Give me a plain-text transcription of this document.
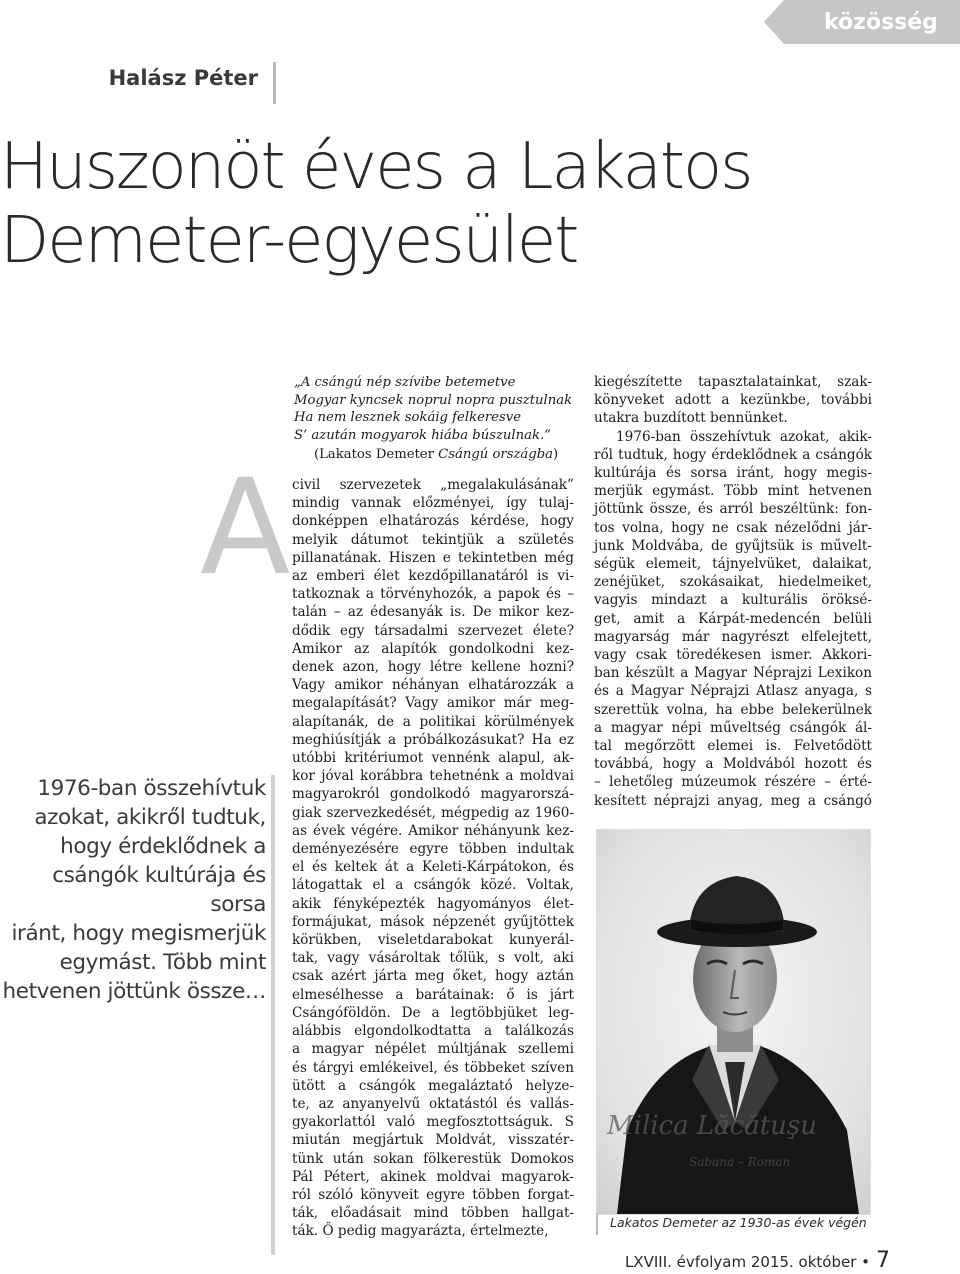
közösség
Halász Péter
Huszonöt éves a Lakatos
Demeter-egyesület
A
1976-ban összehívtuk
azokat, akikről tudtuk,
hogy érdeklődnek a
csángók kultúrája és sorsa
iránt, hogy megismerjük
egymást. Több mint
hetvenen jöttünk össze…
„A csángú nép szívibe betemetve
Mogyar kyncsek noprul nopra pusztulnak
Ha nem lesznek sokáig felkeresve
S’ azután mogyarok hiába búszulnak.”
(Lakatos Demeter Csángú országba)
civil szervezetek „megalakulásának”
mindig vannak előzményei, így tulaj-
donképpen elhatározás kérdése, hogy
melyik dátumot tekintjük a születés
pillanatának. Hiszen e tekintetben még
az emberi élet kezdőpillanatáról is vi-
tatkoznak a törvényhozók, a papok és –
talán – az édesanyák is. De mikor kez-
dődik egy társadalmi szervezet élete?
Amikor az alapítók gondolkodni kez-
denek azon, hogy létre kellene hozni?
Vagy amikor néhányan elhatározzák a
megalapítását? Vagy amikor már meg-
alapítanák, de a politikai körülmények
meghiúsítják a próbálkozásukat? Ha ez
utóbbi kritériumot vennénk alapul, ak-
kor jóval korábbra tehetnénk a moldvai
magyarokról gondolkodó magyarorszá-
giak szervezkedését, mégpedig az 1960-
as évek végére. Amikor néhányunk kez-
deményezésére egyre többen indultak
el és keltek át a Keleti-Kárpátokon, és
látogattak el a csángók közé. Voltak,
akik fényképezték hagyományos élet-
formájukat, mások népzenét gyűjtöttek
körükben, viseletdarabokat kunyerál-
tak, vagy vásároltak tőlük, s volt, aki
csak azért járta meg őket, hogy aztán
elmesélhesse a barátainak: ő is járt
Csángóföldön. De a legtöbbjüket leg-
alábbis elgondolkodtatta a találkozás
a magyar népélet múltjának szellemi
és tárgyi emlékeivel, és többeket szíven
ütött a csángók megaláztató helyze-
te, az anyanyelvű oktatástól és vallás-
gyakorlattól való megfosztottságuk. S
miután megjártuk Moldvát, visszatér-
tünk után sokan fölkerestük Domokos
Pál Pétert, akinek moldvai magyarok-
ról szóló könyveit egyre többen forgat-
ták, előadásait mind többen hallgat-
ták. Ő pedig magyarázta, értelmezte,
kiegészítette tapasztalatainkat, szak-
könyveket adott a kezünkbe, további
utakra buzdított bennünket.
1976-ban összehívtuk azokat, akik-
ről tudtuk, hogy érdeklődnek a csángók
kultúrája és sorsa iránt, hogy megis-
merjük egymást. Több mint hetvenen
jöttünk össze, és arról beszéltünk: fon-
tos volna, hogy ne csak nézelődni jár-
junk Moldvába, de gyűjtsük is művelt-
ségük elemeit, tájnyelvüket, dalaikat,
zenéjüket, szokásaikat, hiedelmeiket,
vagyis mindazt a kulturális öröksé-
get, amit a Kárpát-medencén belüli
magyarság már nagyrészt elfelejtett,
vagy csak töredékesen ismer. Akkori-
ban készült a Magyar Néprajzi Lexikon
és a Magyar Néprajzi Atlasz anyaga, s
szerettük volna, ha ebbe belekerülnek
a magyar népi műveltség csángók ál-
tal megőrzött elemei is. Felvetődött
továbbá, hogy a Moldvából hozott és
– lehetőleg múzeumok részére – érté-
kesített néprajzi anyag, meg a csángó
Milica Lăcătuşu
Sabana – Roman
Lakatos Demeter az 1930-as évek végén
LXVIII. évfolyam 2015. október • 7
